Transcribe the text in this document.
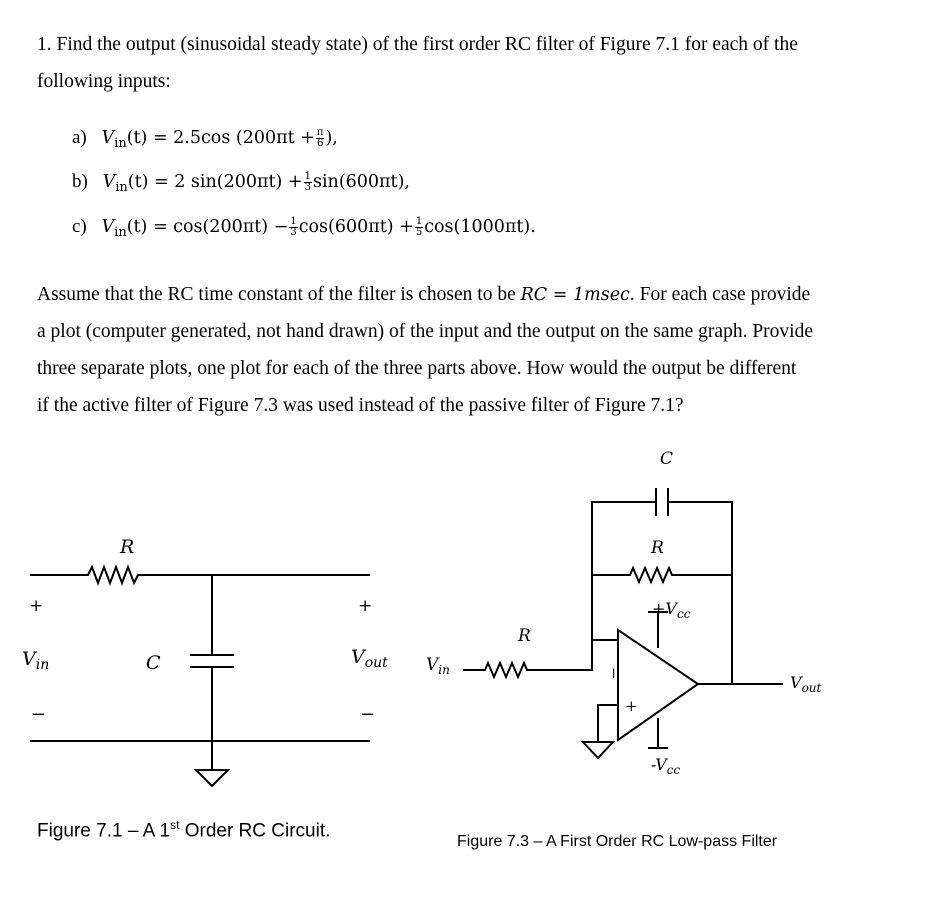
1. Find the output (sinusoidal steady state) of the first order RC filter of Figure 7.1 for each of the
following inputs:
a) $V_{in}(t) = 2.5\cos$ ($200\pi t + \frac{\pi}{6}$ ),
b) $V_{in}(t) = 2$ $\sin(200\pi t) + \frac{1}{3} \sin(600\pi t)$,
c) $V_{in}(t) = \cos(200\pi t) - \frac{1}{3} \cos(600\pi t) + \frac{1}{5} \cos(1000\pi t)$.
Assume that the RC time constant of the filter is chosen to be RC = 1msec. For each case provide
a plot (computer generated, not hand drawn) of the input and the output on the same graph. Provide
three separate plots, one plot for each of the three parts above. How would the output be different
if the active filter of Figure 7.3 was used instead of the passive filter of Figure 7.1?
R
C
+
−
$V_{in}$
+
−
$V_{out}$
Figure 7.1 – A 1st Order RC Circuit.
C
R
$+V_{cc}$
R
$V_{in}$	−
+
$-V_{cc}$
$V_{out}$
Figure 7.3 – A First Order RC Low-pass Filter
